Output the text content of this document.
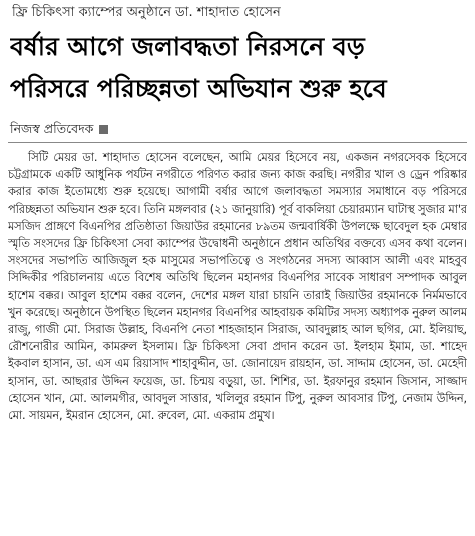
ফ্রি চিকিৎসা ক্যাম্পের অনুষ্ঠানে ডা. শাহাদাত হোসেন
বর্ষার আগে জলাবদ্ধতা নিরসনে বড়
পরিসরে পরিচ্ছন্নতা অভিযান শুরু হবে
নিজস্ব প্রতিবেদক

সিটি মেয়র ডা. শাহাদাত হোসেন বলেছেন, আমি মেয়র হিসেবে নয়, একজন নগরসেবক হিসেবে চট্টগ্রামকে একটি আধুনিক পর্যটন নগরীতে পরিণত করার জন্য কাজ করছি। নগরীর খাল ও ড্রেন পরিষ্কার করার কাজ ইতোমধ্যে শুরু হয়েছে। আগামী বর্ষার আগে জলাবদ্ধতা সমস্যার সমাধানে বড় পরিসরে পরিচ্ছন্নতা অভিযান শুরু হবে। তিনি মঙ্গলবার (২১ জানুয়ারি) পূর্ব বাকলিয়া চেয়ারম্যান ঘাটাস্থ সুজার মা'র মসজিদ প্রাঙ্গণে বিএনপির প্রতিষ্ঠাতা জিয়াউর রহমানের ৮৯তম জন্মবার্ষিকী উপলক্ষে ছাবেদুল হক মেম্বার স্মৃতি সংসদের ফ্রি চিকিৎসা সেবা ক্যাম্পের উদ্বোধনী অনুষ্ঠানে প্রধান অতিথির বক্তব্যে এসব কথা বলেন। সংসদের সভাপতি আজিজুল হক মাসুমের সভাপতিত্বে ও সংগঠনের সদস্য আব্বাস আলী এবং মাহবুব সিদ্দিকীর পরিচালনায় এতে বিশেষ অতিথি ছিলেন মহানগর বিএনপির সাবেক সাধারণ সম্পাদক আবুল হাশেম বক্কর। আবুল হাশেম বক্কর বলেন, দেশের মঙ্গল যারা চায়নি তারাই জিয়াউর রহমানকে নির্মমভাবে খুন করেছে। অনুষ্ঠানে উপস্থিত ছিলেন মহানগর বিএনপির আহবায়ক কমিটির সদস্য অধ্যাপক নুরুল আলম রাজু, গাজী মো. সিরাজ উল্লাহ, বিএনপি নেতা শাহজাহান সিরাজ, আবদুল্লাহ আল ছগির, মো. ইলিয়াছ, রৌশনোরীর আমিন, কামরুল ইসলাম। ফ্রি চিকিৎসা সেবা প্রদান করেন ডা. ইলহাম ইমাম, ডা. শাহেদ ইকবাল হাসান, ডা. এস এম রিয়াসাদ শাহাবুদ্দীন, ডা. জোনায়েদ রায়হান, ডা. সাদ্দাম হোসেন, ডা. মেহেদী হাসান, ডা. আছরার উদ্দিন ফয়েজ, ডা. চিন্ময় বড়ুয়া, ডা. শিশির, ডা. ইরফানুর রহমান জিসান, সাজ্জাদ হোসেন খান, মো. আলমগীর, আবদুল সাত্তার, খলিলুর রহমান টিপু, নুরুল আবসার টিপু, নেজাম উদ্দিন, মো. সায়মন, ইমরান হোসেন, মো. রুবেল, মো. একরাম প্রমুখ।
